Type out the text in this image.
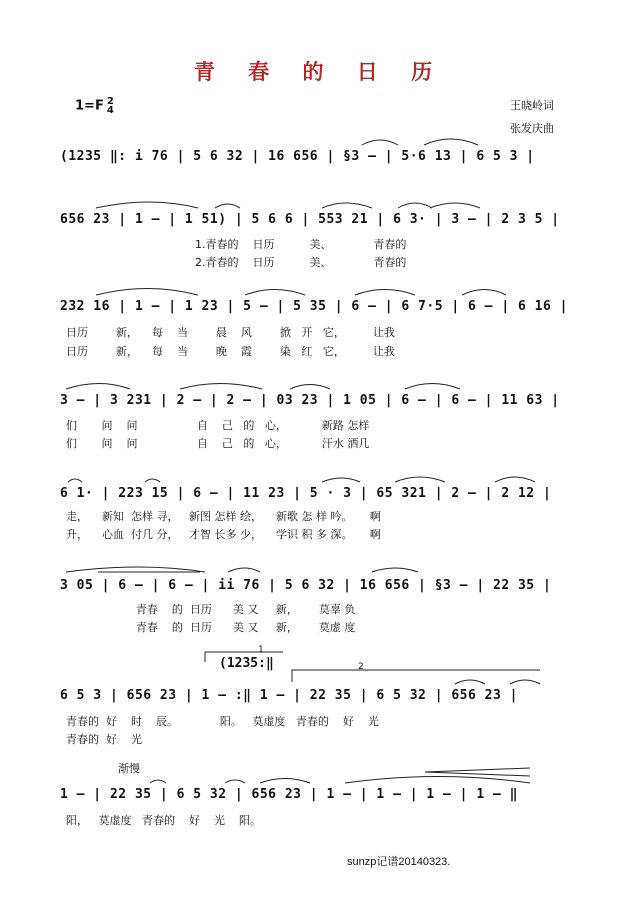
青 春 的 日 历
1=F 2
4	王晓岭词
张发庆曲
(1235 ‖: i 76 | 5 6 32 | 16 656 | §3 – | 5·6 13 | 6 5 3 |
656 23 | 1 – | 1 51) | 5 6 6 | 553 21 | 6 3· | 3 – | 2 3 5 |
1.青春的    日历          美、            青春的
2.青春的    日历          美、            青春的
232 16 | 1 – | 1 23 | 5 – | 5 35 | 6 – | 6 7·5 | 6 – | 6 16 |
日历        新，    每    当        晨    风        掀   开   它，        让我
日历        新，    每    当        晚    霞        染   红   它，        让我
3 – | 3 231 | 2 – | 2 – | 03 23 | 1 05 | 6 – | 6 – | 11 63 |
们       问    问                 自    己   的   心，          新路 怎样
们       问    问                 自    己   的   心，          汗水 洒几
6 1· | 223 15 | 6 – | 11 23 | 5 · 3 | 65 321 | 2 – | 2 12 |
走，    新知  怎样 寻，   新图 怎样 绘，    新歌 怎 样 吟。     啊
升，    心血  付几 分，   才智 长多 少，    学识 积 多 深。     啊
3 05 | 6 – | 6 – | ii 76 | 5 6 32 | 16 656 | §3 – | 22 35 |
青春    的  日历      美 又     新，      莫辜 负
青春    的  日历      美 又     新，      莫虚 度
(1235:‖
1
2
6 5 3 | 656 23 | 1 – :‖ 1 – | 22 35 | 6 5 32 | 656 23 |
青春的  好    时    辰。            阳。   莫虚度   青春的    好    光
青春的  好    光
渐慢
1 – | 22 35 | 6 5 32 | 656 23 | 1 – | 1 – | 1 – | 1 – ‖
阳，   莫虚度   青春的    好    光    阳。
sunzp记谱20140323.
